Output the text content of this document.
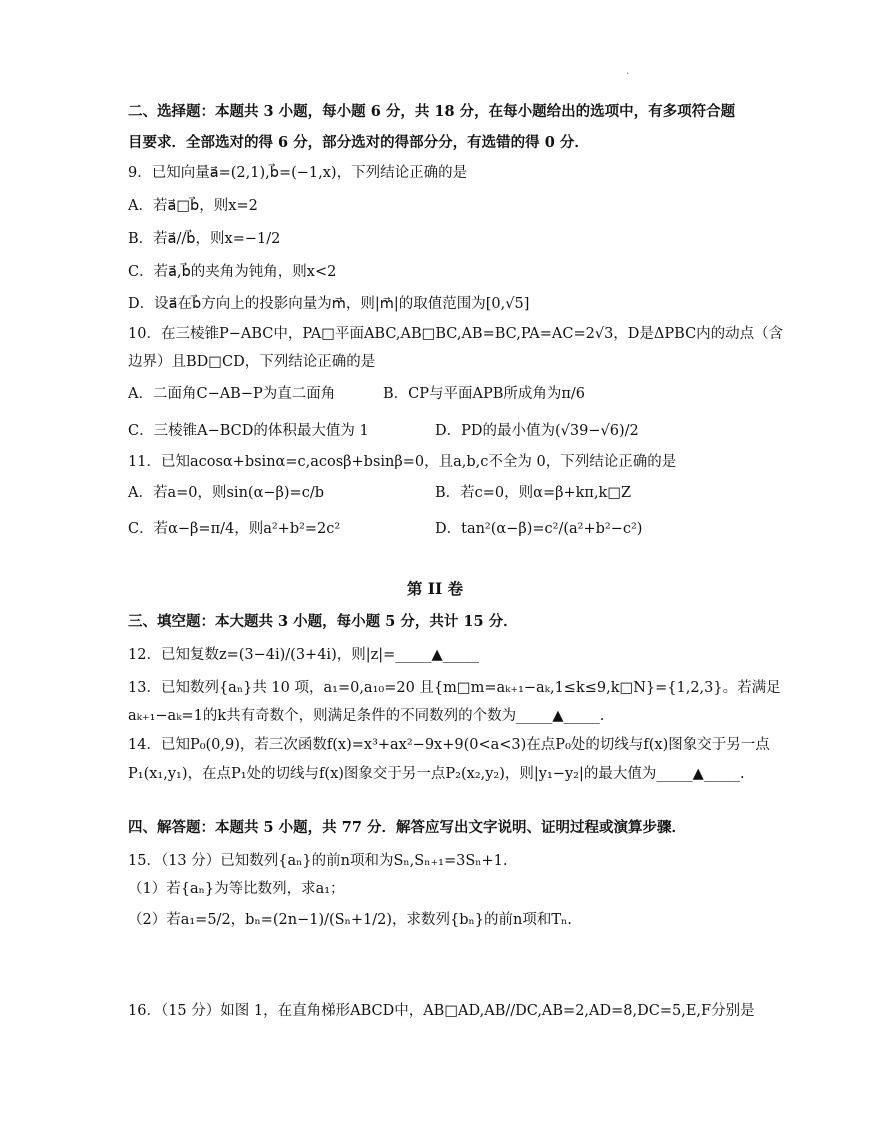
.
二、选择题：本题共 3 小题，每小题 6 分，共 18 分，在每小题给出的选项中，有多项符合题
目要求．全部选对的得 6 分，部分选对的得部分分，有选错的得 0 分．
9．已知向量a⃗=(2,1),b⃗=(−1,x)，下列结论正确的是
A．若a⃗□b⃗，则x=2
B．若a⃗//b⃗，则x=−1/2
C．若a⃗,b⃗的夹角为钝角，则x<2
D．设a⃗在b⃗方向上的投影向量为m⃗，则|m⃗|的取值范围为[0,√5]
10．在三棱锥P−ABC中，PA□平面ABC,AB□BC,AB=BC,PA=AC=2√3，D是ΔPBC内的动点（含
边界）且BD□CD，下列结论正确的是
A．二面角C−AB−P为直二面角	B．CP与平面APB所成角为π/6
C．三棱锥A−BCD的体积最大值为 1	D．PD的最小值为(√39−√6)/2
11．已知acosα+bsinα=c,acosβ+bsinβ=0，且a,b,c不全为 0，下列结论正确的是
A．若a=0，则sin(α−β)=c/b	B．若c=0，则α=β+kπ,k□Z
C．若α−β=π/4，则a²+b²=2c²	D．tan²(α−β)=c²/(a²+b²−c²)
第 II 卷
三、填空题：本大题共 3 小题，每小题 5 分，共计 15 分．
12．已知复数z=(3−4i)/(3+4i)，则|z|=_____▲_____
13．已知数列{aₙ}共 10 项，a₁=0,a₁₀=20 且{m□m=aₖ₊₁−aₖ,1≤k≤9,k□N}={1,2,3}。若满足
aₖ₊₁−aₖ=1的k共有奇数个，则满足条件的不同数列的个数为_____▲_____.
14．已知P₀(0,9)，若三次函数f(x)=x³+ax²−9x+9(0<a<3)在点P₀处的切线与f(x)图象交于另一点
P₁(x₁,y₁)，在点P₁处的切线与f(x)图象交于另一点P₂(x₂,y₂)，则|y₁−y₂|的最大值为_____▲_____.
四、解答题：本题共 5 小题，共 77 分．解答应写出文字说明、证明过程或演算步骤．
15．（13 分）已知数列{aₙ}的前n项和为Sₙ,Sₙ₊₁=3Sₙ+1.
（1）若{aₙ}为等比数列，求a₁；
（2）若a₁=5/2，bₙ=(2n−1)/(Sₙ+1/2)，求数列{bₙ}的前n项和Tₙ.
16．（15 分）如图 1，在直角梯形ABCD中，AB□AD,AB//DC,AB=2,AD=8,DC=5,E,F分别是
